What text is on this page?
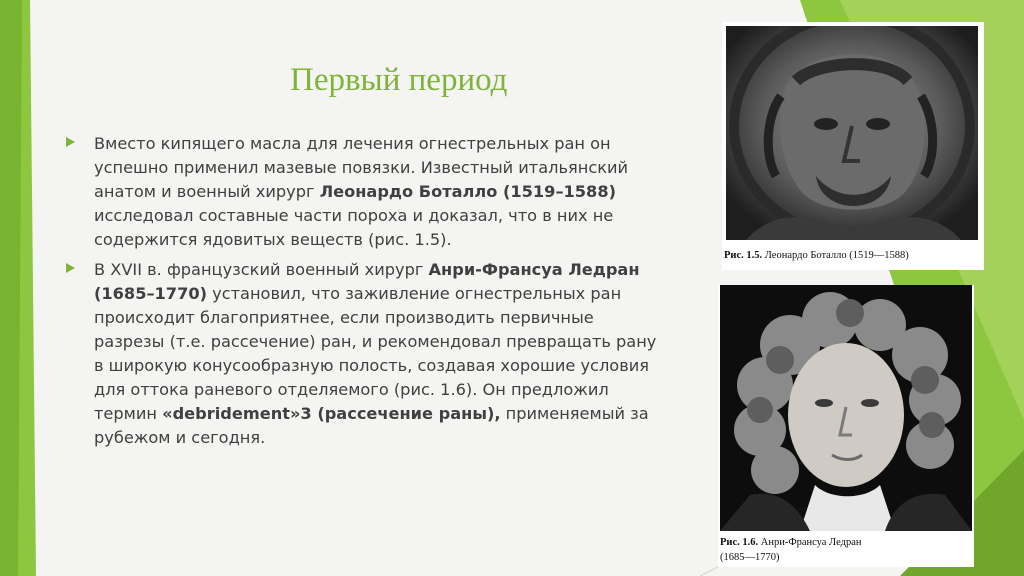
Первый период
Вместо кипящего масла для лечения огнестрельных ран он успешно применил мазевые повязки. Известный итальянский анатом и военный хирург Леонардо Боталло (1519–1588) исследовал составные части пороха и доказал, что в них не содержится ядовитых веществ (рис. 1.5).
В XVII в. французский военный хирург Анри-Франсуа Ледран (1685–1770) установил, что заживление огнестрельных ран происходит благоприятнее, если производить первичные разрезы (т.е. рассечение) ран, и рекомендовал превращать рану в широкую конусообразную полость, создавая хорошие условия для оттока раневого отделяемого (рис. 1.6). Он предложил термин «debridement»3 (рассечение раны), применяемый за рубежом и сегодня.
Рис. 1.5. Леонардо Боталло (1519—1588)
Рис. 1.6. Анри-Франсуа Ледран
(1685—1770)
